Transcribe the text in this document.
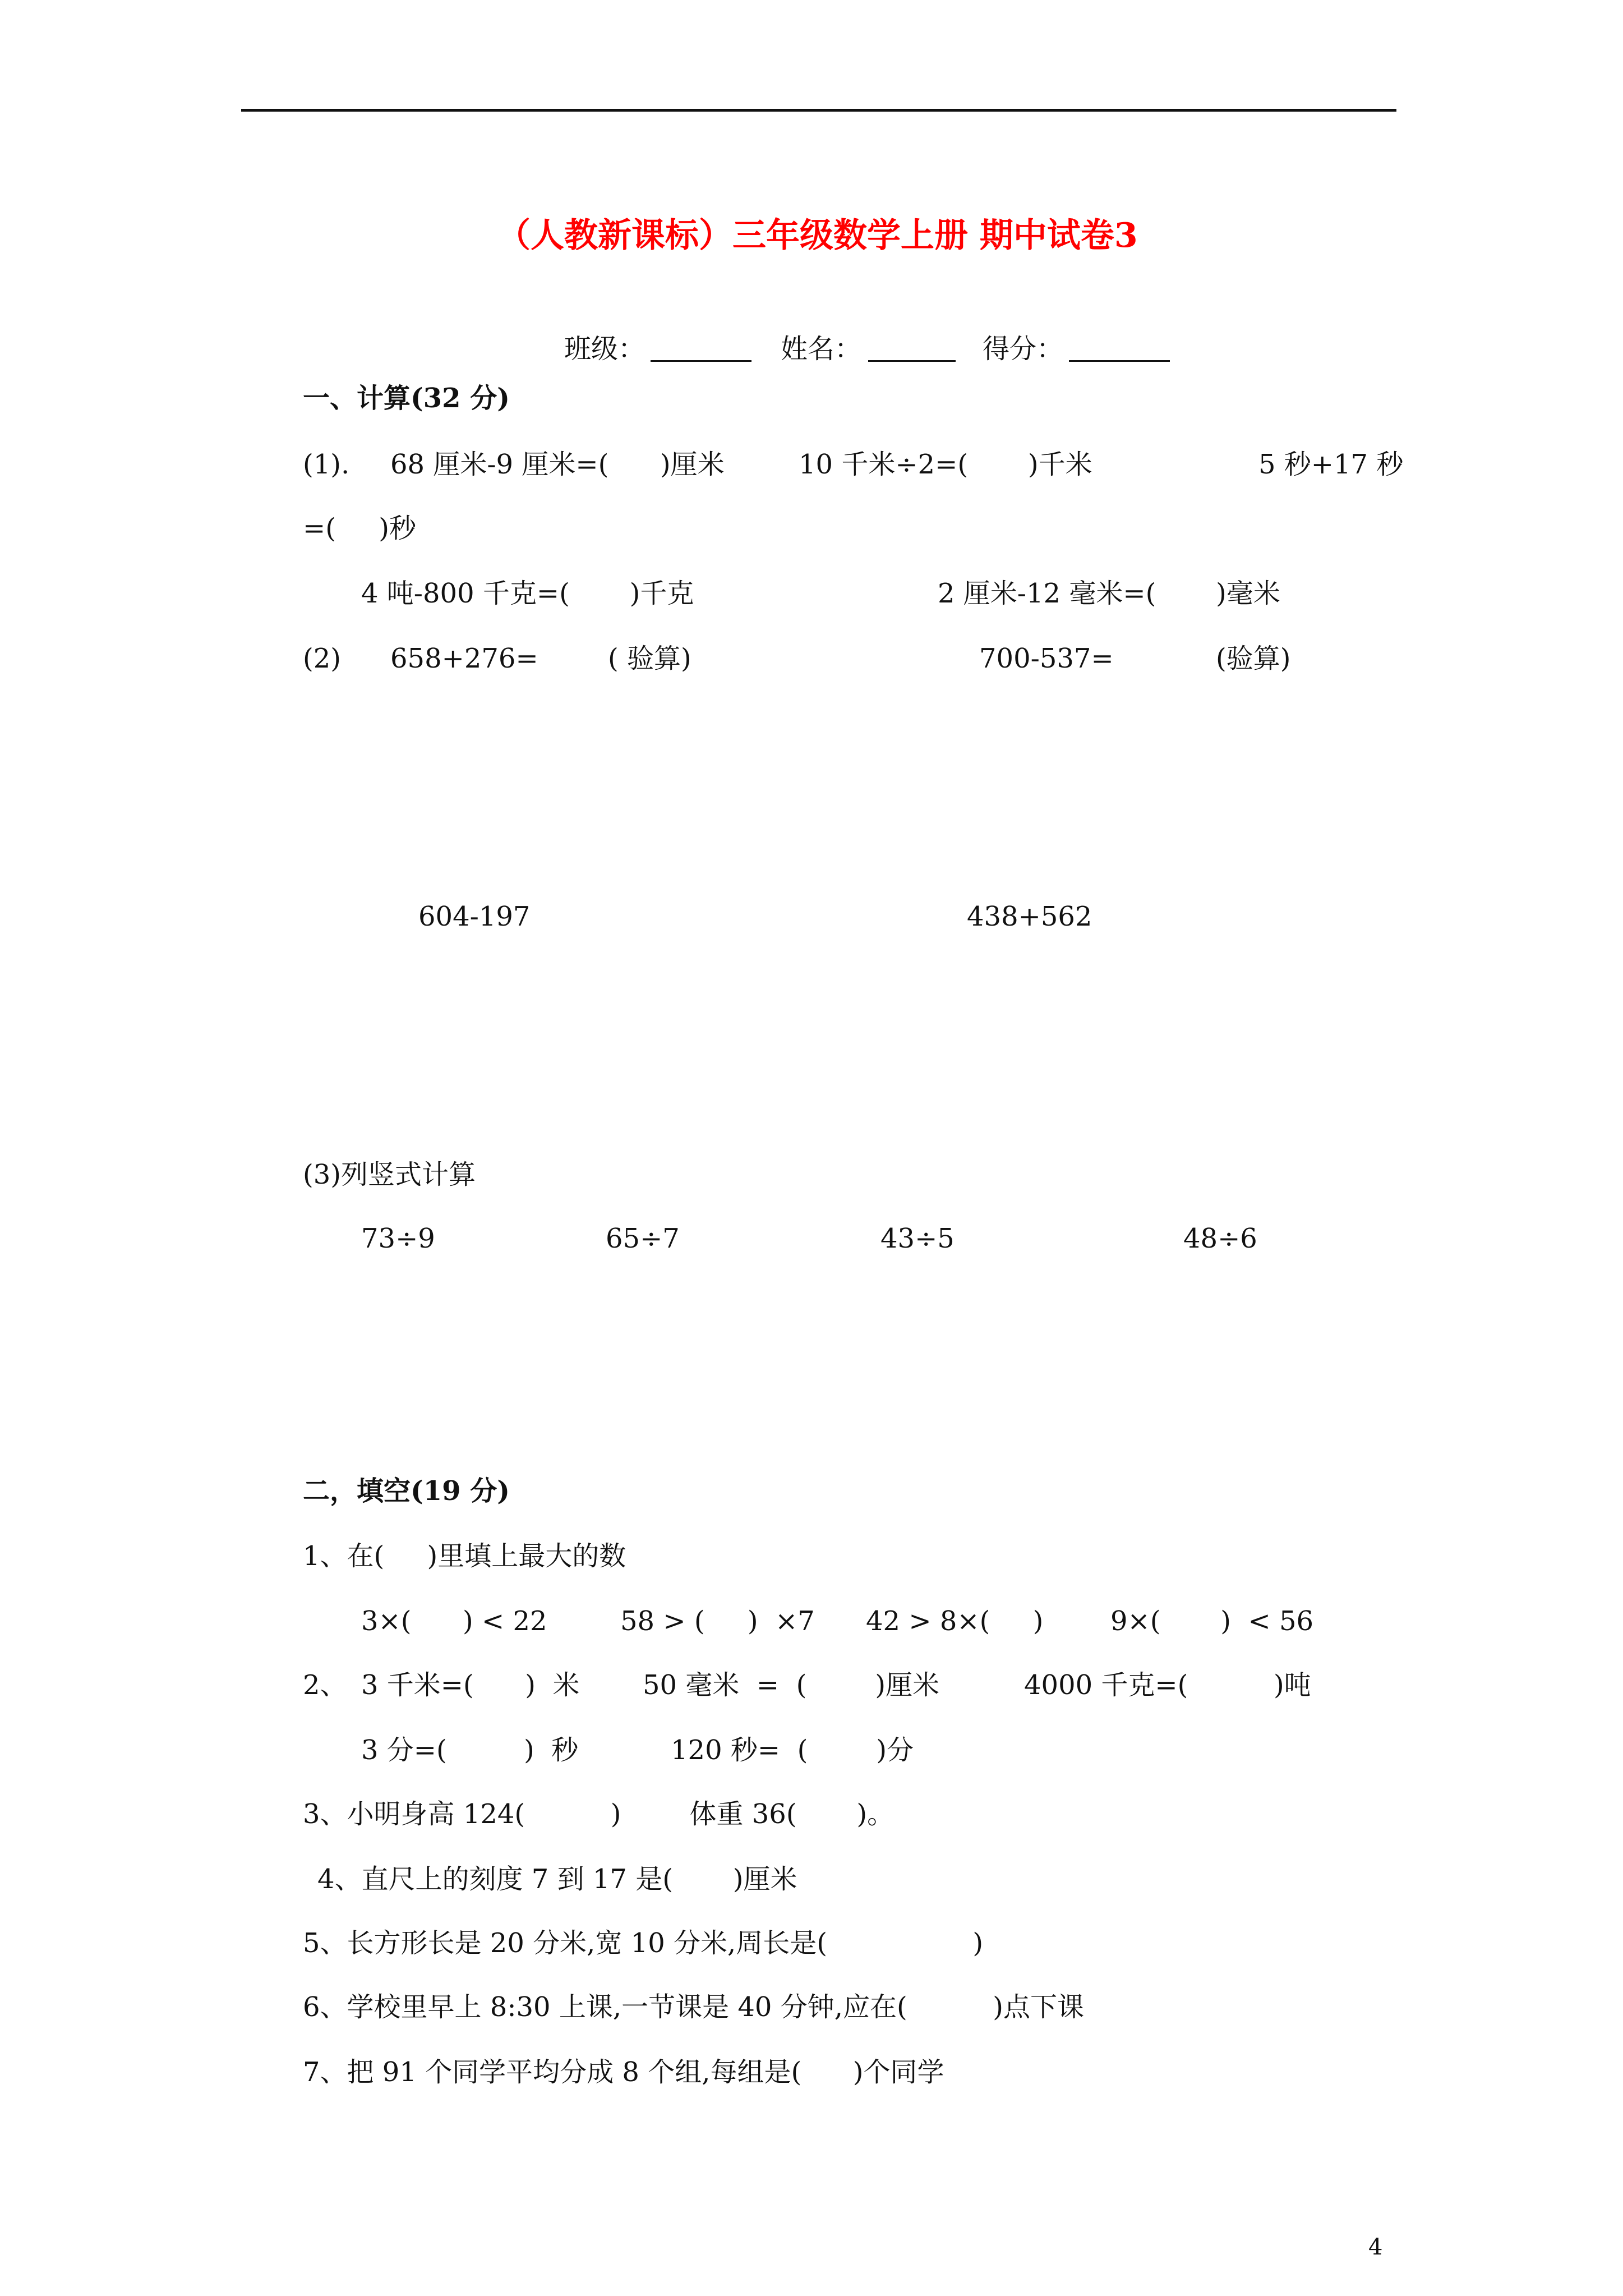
（人教新课标）三年级数学上册 期中试卷3
班级：	姓名：	得分：
一、计算(32 分)
(1). 68 厘米-9 厘米=(      )厘米	10 千米÷2=(       )千米	5 秒+17 秒
=(     )秒
4 吨-800 千克=(       )千克	2 厘米-12 毫米=(       )毫米
(2) 658+276=	( 验算)	700-537=	(验算)
604-197	438+562
(3)列竖式计算
73÷9	65÷7	43÷5	48÷6
二，填空(19 分)
1、在(     )里填上最大的数
3×(      ) < 22	58 > (     )  ×7 42 > 8×(     ) 9×(       )  < 56
2、 3 千米=(      )  米 50 毫米  =  (        )厘米	4000 千克=(          )吨
3 分=(         )  秒	120 秒=  (        )分
3、小明身高 124(          )        体重 36(       )。
4、直尺上的刻度 7 到 17 是(       )厘米
5、长方形长是 20 分米,宽 10 分米,周长是(                 )
6、学校里早上 8:30 上课,一节课是 40 分钟,应在(          )点下课
7、把 91 个同学平均分成 8 个组,每组是(      )个同学
4
